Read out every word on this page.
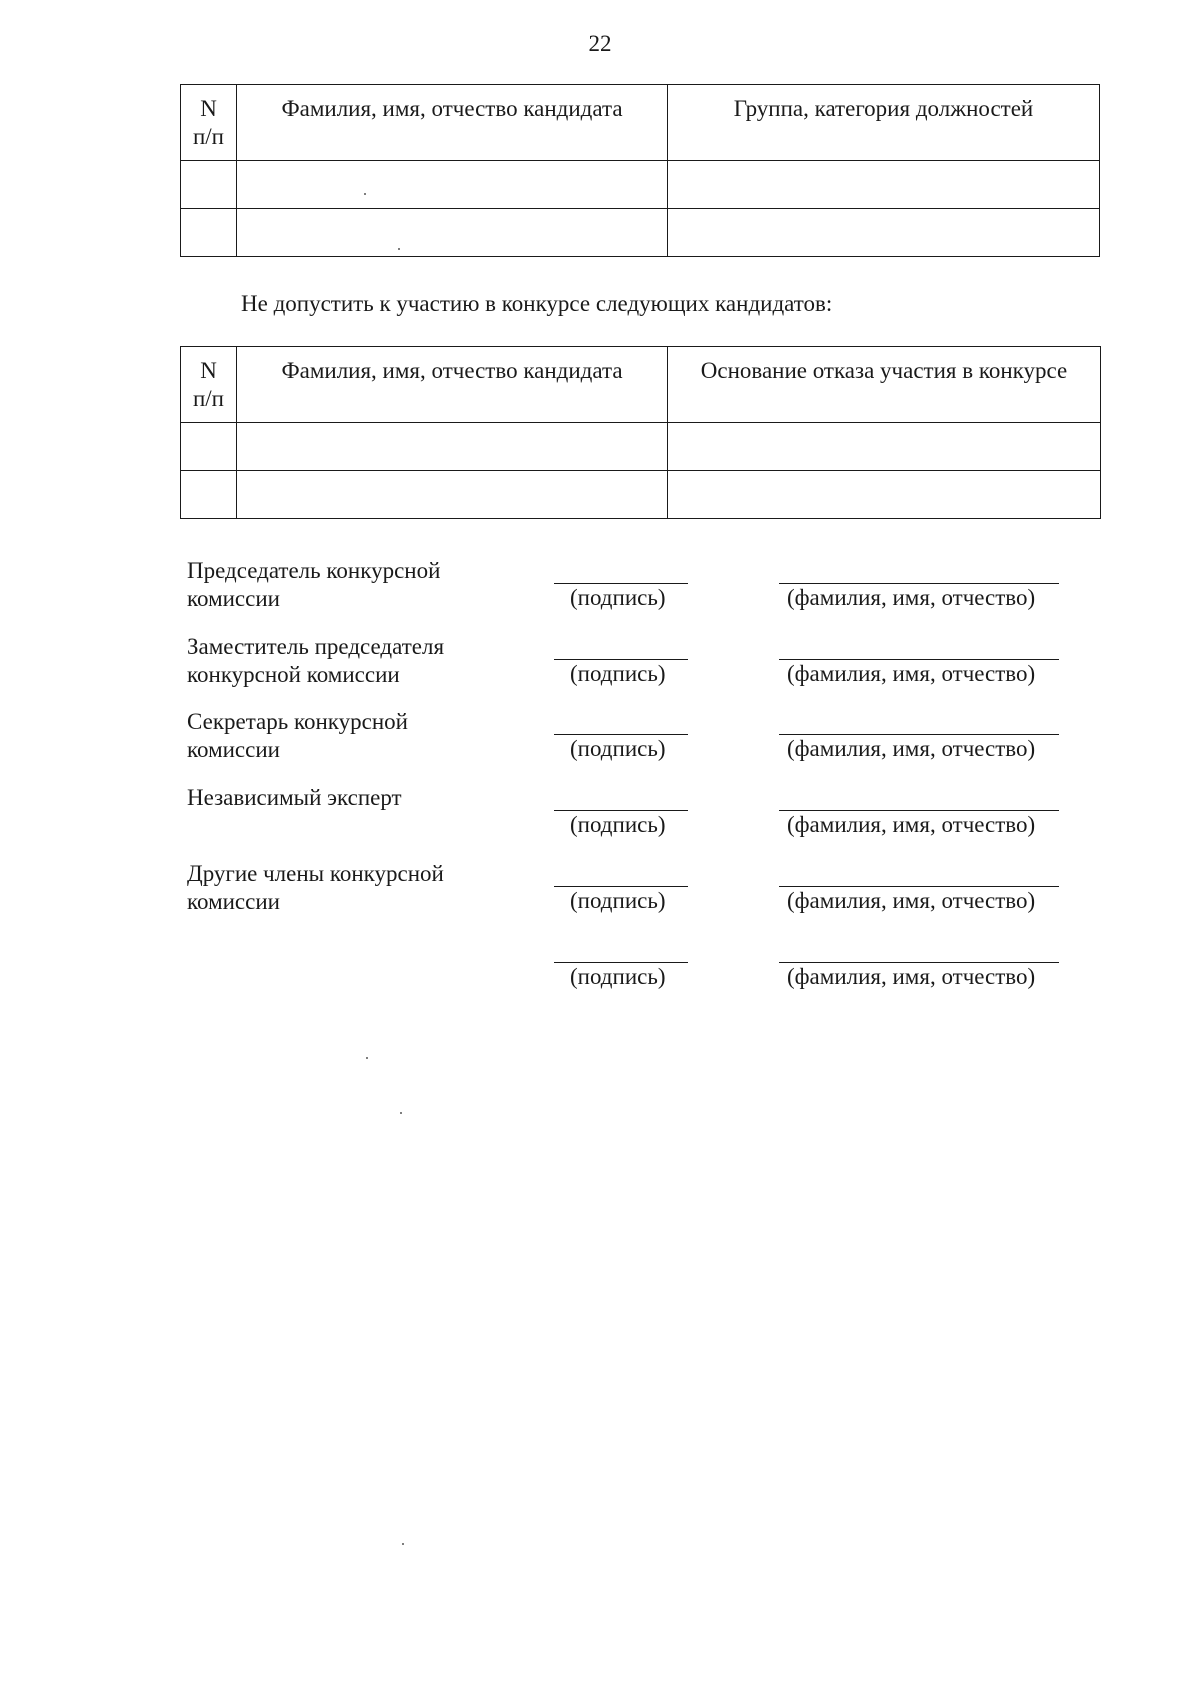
22
N
п/п	Фамилия, имя, отчество кандидата	Группа, категория должностей

Не допустить к участию в конкурсе следующих кандидатов:
N
п/п	Фамилия, имя, отчество кандидата	Основание отказа участия в конкурсе

Председатель конкурсной
комиссии	(подпись)	(фамилия, имя, отчество)
Заместитель председателя
конкурсной комиссии	(подпись)	(фамилия, имя, отчество)
Секретарь конкурсной
комиссии	(подпись)	(фамилия, имя, отчество)
Независимый эксперт
(подпись)	(фамилия, имя, отчество)
Другие члены конкурсной
комиссии	(подпись)	(фамилия, имя, отчество)
(подпись)	(фамилия, имя, отчество)
